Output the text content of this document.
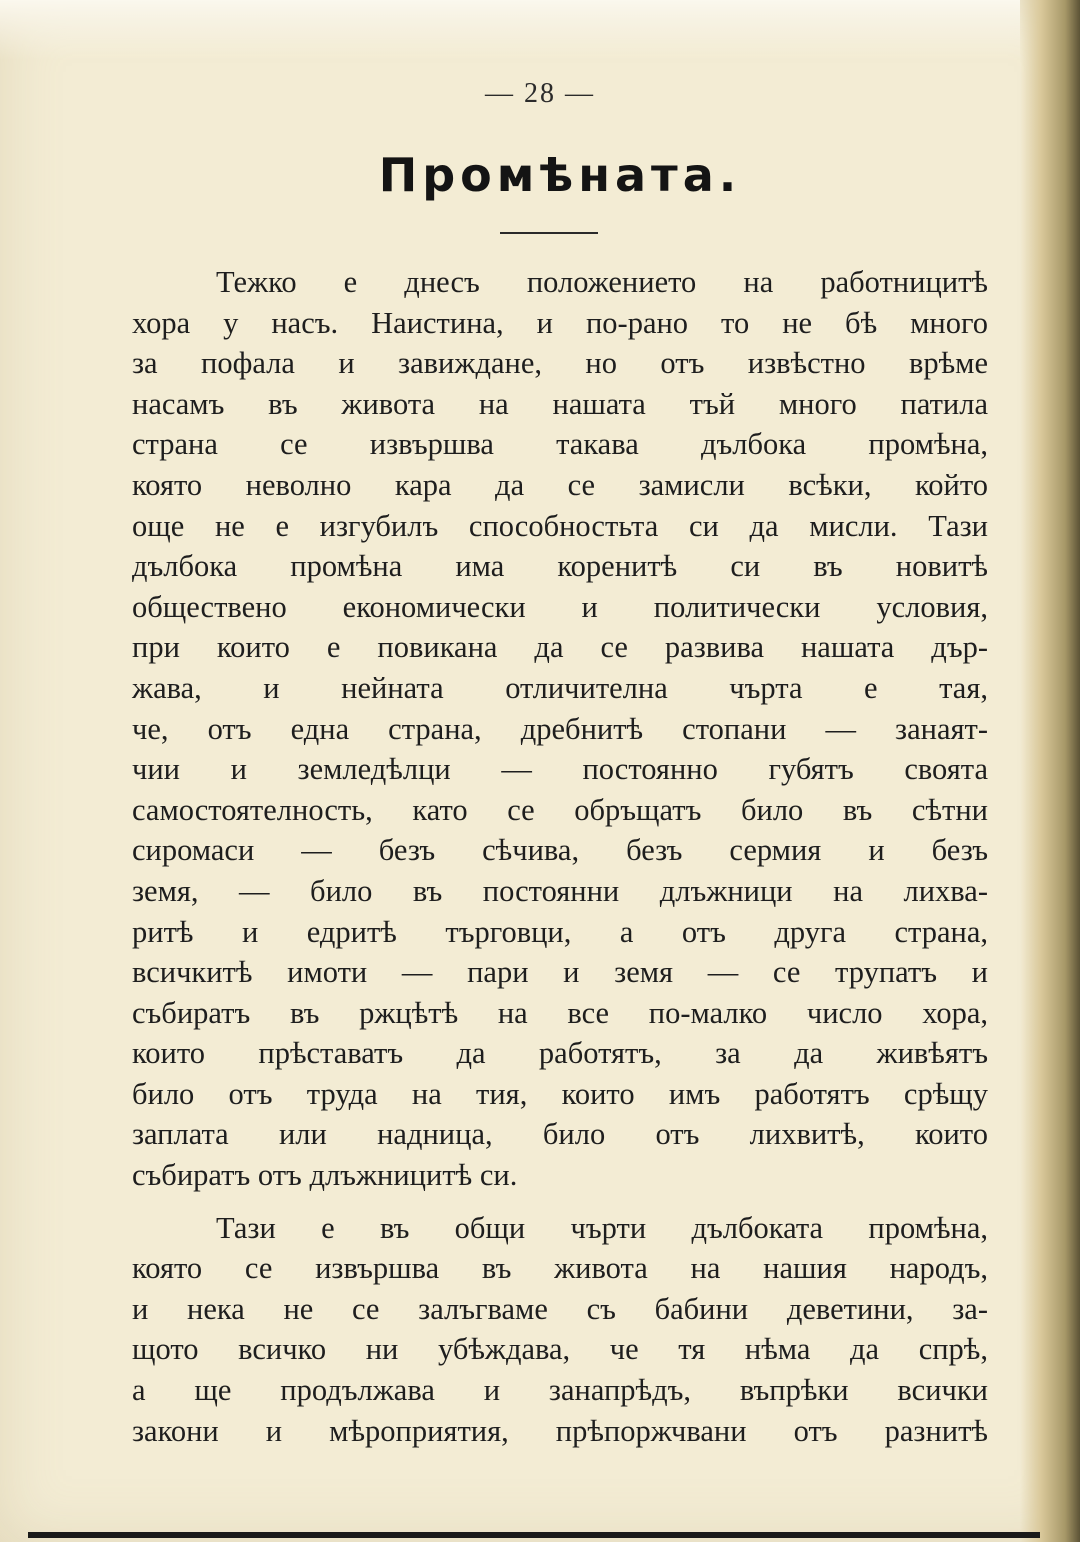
— 28 —
Промѣната.
Тежко е днесъ положението на работницитѣ
хора у насъ. Наистина, и по-рано то не бѣ много
за пофала и завиждане, но отъ извѣстно врѣме
насамъ въ живота на нашата тъй много патила
страна се извършва такава дълбока промѣна,
която неволно кара да се замисли всѣки, който
още не е изгубилъ способностьта си да мисли. Тази
дълбока промѣна има коренитѣ си въ новитѣ
обществено економически и политически условия,
при които е повикана да се развива нашата дър-
жава, и нейната отличителна чърта е тая,
че, отъ една страна, дребнитѣ стопани — занаят-
чии и земледѣлци — постоянно губятъ своята
самостоятелность, като се обръщатъ било въ сѣтни
сиромаси — безъ сѣчива, безъ сермия и безъ
земя, — било въ постоянни длъжници на лихва-
ритѣ и едритѣ търговци, а отъ друга страна,
всичкитѣ имоти — пари и земя — се трупатъ и
събиратъ въ ржцѣтѣ на все по-малко число хора,
които прѣставатъ да работятъ, за да живѣятъ
било отъ труда на тия, които имъ работятъ срѣщу
заплата или надница, било отъ лихвитѣ, които
събиратъ отъ длъжницитѣ си.
Тази е въ общи чърти дълбоката промѣна,
която се извършва въ живота на нашия народъ,
и нека не се залъгваме съ бабини деветини, за-
щото всичко ни убѣждава, че тя нѣма да спрѣ,
а ще продължава и занапрѣдъ, въпрѣки всички
закони и мѣроприятия, прѣпоржчвани отъ разнитѣ
